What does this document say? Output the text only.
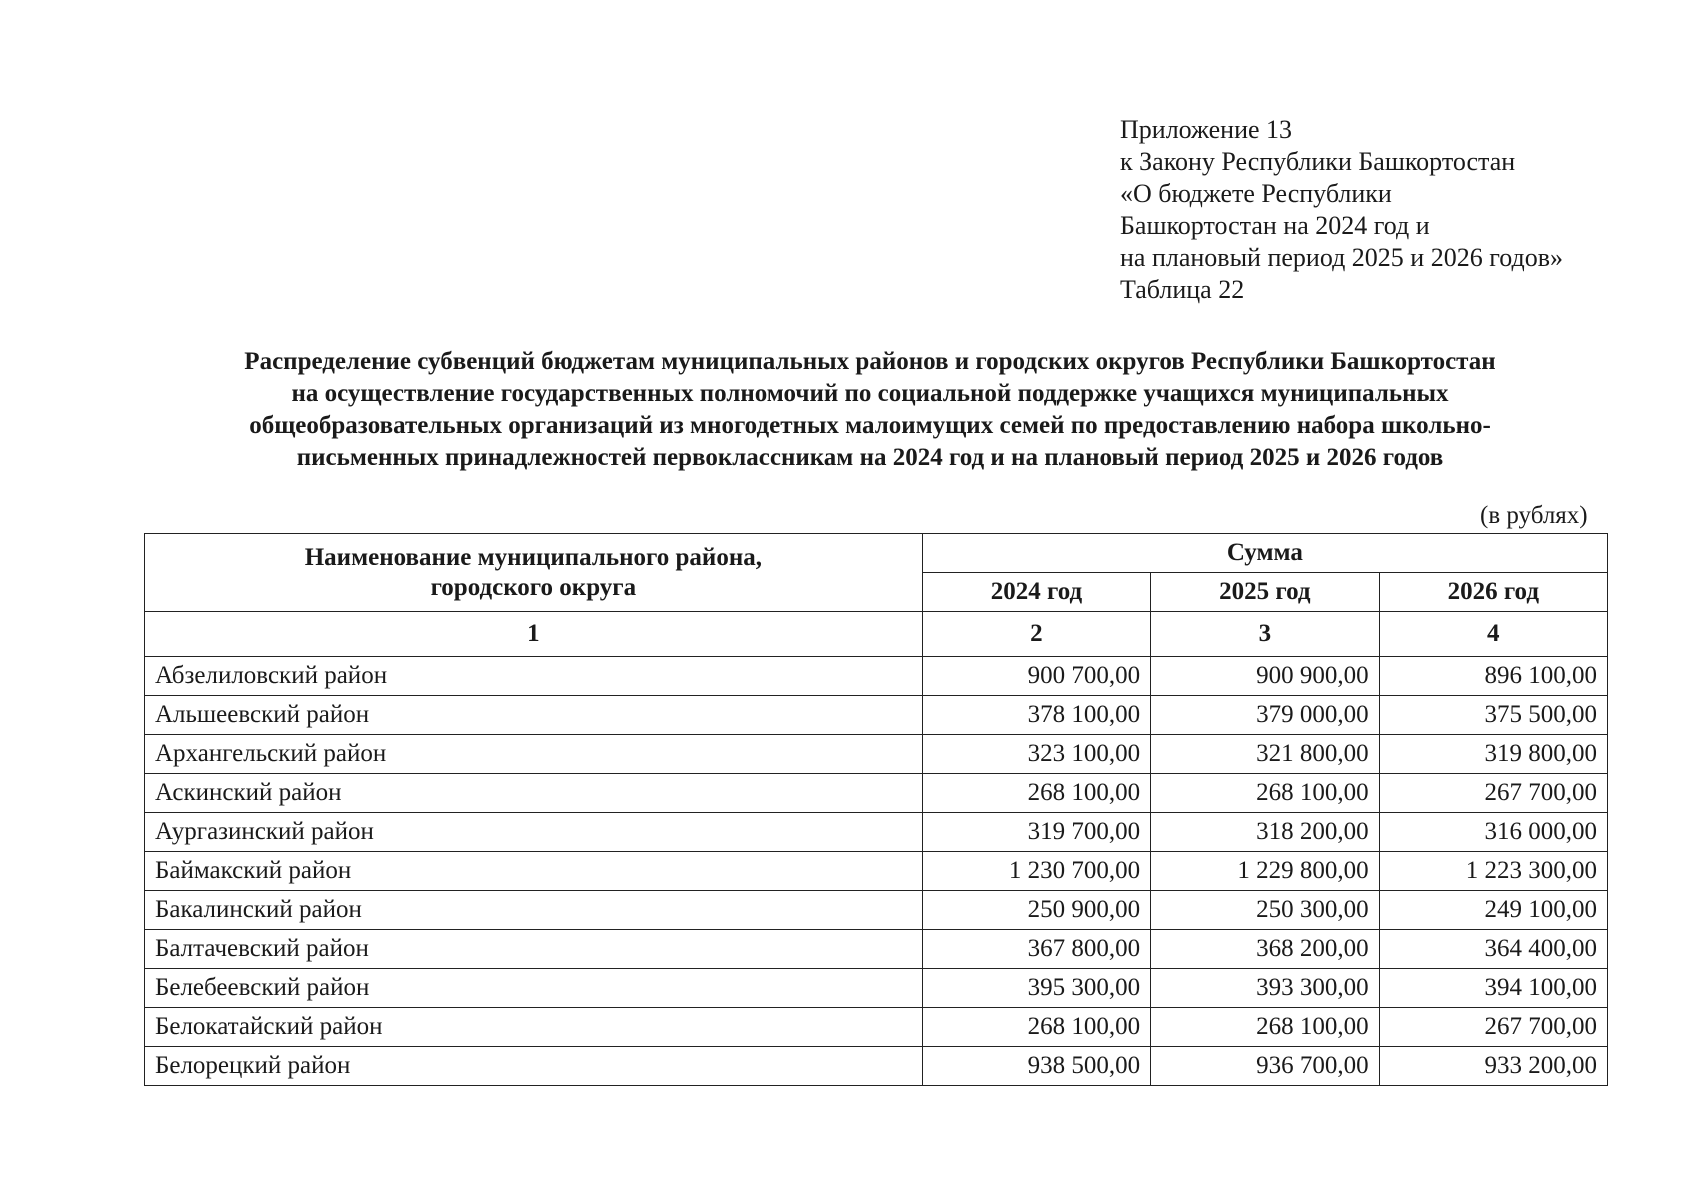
Приложение 13
к Закону Республики Башкортостан
«О бюджете Республики
Башкортостан на 2024 год и
на плановый период 2025 и 2026 годов»
Таблица 22
Распределение субвенций бюджетам муниципальных районов и городских округов Республики Башкортостан
на осуществление государственных полномочий по социальной поддержке учащихся муниципальных
общеобразовательных организаций из многодетных малоимущих семей по предоставлению набора школьно-
письменных принадлежностей первоклассникам на 2024 год и на плановый период 2025 и 2026 годов
(в рублях)
Наименование муниципального района,
городского округа	Сумма		
	2024 год	2025 год	2026 год
1	2	3	4
Абзелиловский район	900 700,00	900 900,00	896 100,00
Альшеевский район	378 100,00	379 000,00	375 500,00
Архангельский район	323 100,00	321 800,00	319 800,00
Аскинский район	268 100,00	268 100,00	267 700,00
Аургазинский район	319 700,00	318 200,00	316 000,00
Баймакский район	1 230 700,00	1 229 800,00	1 223 300,00
Бакалинский район	250 900,00	250 300,00	249 100,00
Балтачевский район	367 800,00	368 200,00	364 400,00
Белебеевский район	395 300,00	393 300,00	394 100,00
Белокатайский район	268 100,00	268 100,00	267 700,00
Белорецкий район	938 500,00	936 700,00	933 200,00
